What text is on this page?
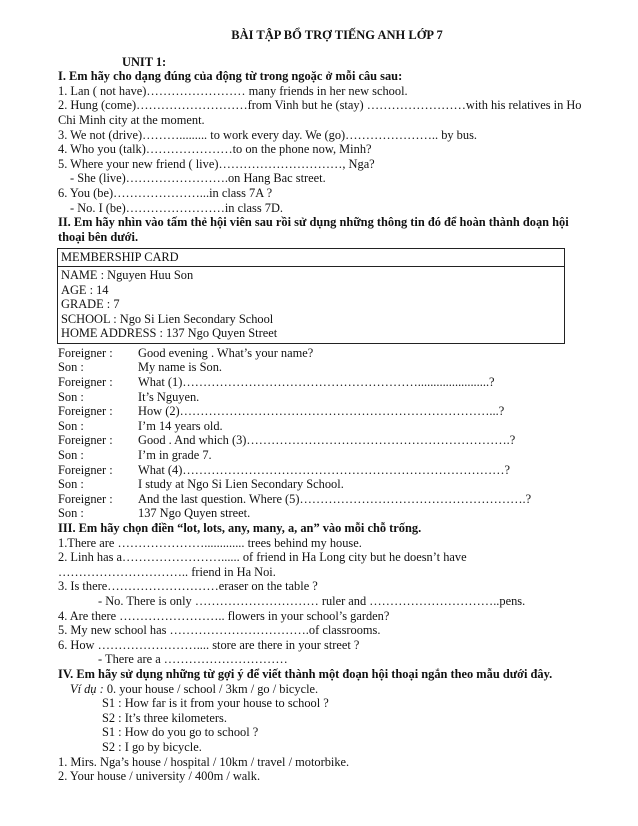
BÀI TẬP BỔ TRỢ TIẾNG ANH LỚP 7
UNIT 1:
I. Em hãy cho dạng đúng của động từ trong ngoặc ở mỗi câu sau:
1. Lan ( not have)…………………… many friends in her new school.
2. Hung (come)………………………from Vinh but he (stay) ……………………with his relatives in Ho Chi Minh city at the moment.
3. We not (drive)………......... to work every day. We (go)………………….. by bus.
4. Who you (talk)…………………to on the phone now, Minh?
5. Where your new friend ( live)…………………………, Nga?
- She (live)…………………….on Hang Bac street.
6. You (be)…………………...in class 7A ?
- No. I (be)……………………in class 7D.
II. Em hãy nhìn vào tấm thẻ hội viên sau rồi sử dụng những thông tin đó để hoàn thành đoạn hội thoại bên dưới.
MEMBERSHIP CARD
NAME : Nguyen Huu Son
AGE : 14
GRADE : 7
SCHOOL : Ngo Si Lien Secondary School
HOME ADDRESS : 137 Ngo Quyen Street
Foreigner :	Good evening . What’s your name?
Son :	My name is Son.
Foreigner :	What (1)………………………………………………….......................?
Son :	It’s Nguyen.
Foreigner :	How (2)…………………………………………………………………...?
Son :	I’m 14 years old.
Foreigner :	Good . And which (3)……………………………………………………….?
Son :	I’m in grade 7.
Foreigner :	What (4)……………………………………………………………………?
Son :	I study at Ngo Si Lien Secondary School.
Foreigner :	And the last question. Where (5)……………………………………………….?
Son :	137 Ngo Quyen street.
III. Em hãy chọn điền “lot, lots, any, many, a, an” vào mỗi chỗ trống.
1.There are …………………............. trees behind my house.
2. Linh has a……………………...... of friend in Ha Long city but he doesn’t have
………………………….. friend in Ha Noi.
3. Is there………………………eraser on the table ?
- No. There is only ………………………… ruler and …………………………..pens.
4. Are there …………………….. flowers in your school’s garden?
5. My new school has …………………………….of classrooms.
6. How …………………….... store are there in your street ?
- There are a …………………………
IV. Em hãy sử dụng những từ gợi ý để viết thành một đoạn hội thoại ngắn theo mẫu dưới đây.
Ví dụ : 0. your house / school / 3km / go / bicycle.
S1 : How far is it from your house to school ?
S2 : It’s three kilometers.
S1 : How do you go to school ?
S2 : I go by bicycle.
1. Mirs. Nga’s house / hospital / 10km / travel / motorbike.
2. Your house / university / 400m / walk.
